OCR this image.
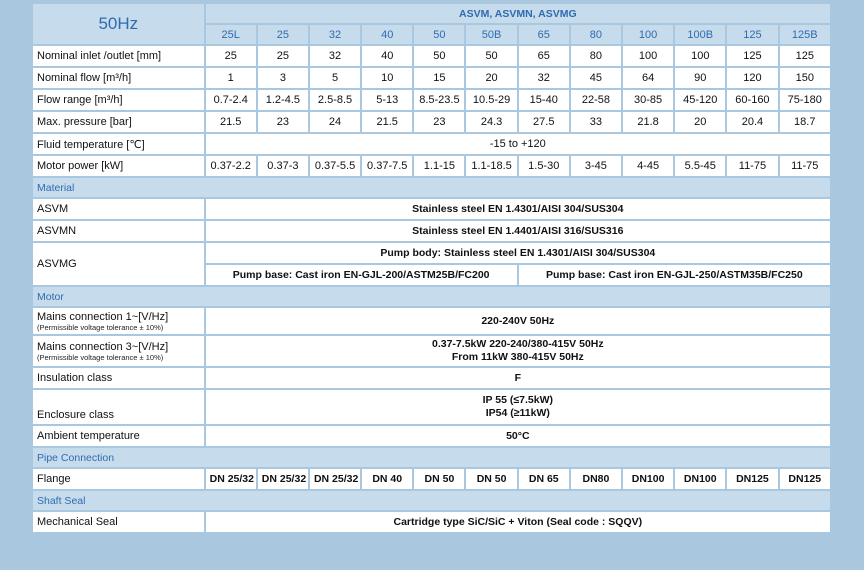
50Hz	ASVM, ASVMN, ASVMG											
	25L	25	32	40	50	50B	65	80	100	100B	125	125B
Nominal inlet /outlet [mm]	25	25	32	40	50	50	65	80	100	100	125	125
Nominal flow [m³/h]	1	3	5	10	15	20	32	45	64	90	120	150
Flow range [m³/h]	0.7-2.4	1.2-4.5	2.5-8.5	5-13	8.5-23.5	10.5-29	15-40	22-58	30-85	45-120	60-160	75-180
Max. pressure [bar]	21.5	23	24	21.5	23	24.3	27.5	33	21.8	20	20.4	18.7
Fluid temperature [℃]	-15 to +120											
Motor power [kW]	0.37-2.2	0.37-3	0.37-5.5	0.37-7.5	1.1-15	1.1-18.5	1.5-30	3-45	4-45	5.5-45	11-75	11-75
Material												
ASVM	Stainless steel EN 1.4301/AISI 304/SUS304											
ASVMN	Stainless steel EN 1.4401/AISI 316/SUS316											
ASVMG	Pump body: Stainless steel EN 1.4301/AISI 304/SUS304											
	Pump base: Cast iron EN-GJL-200/ASTM25B/FC200						Pump base: Cast iron EN-GJL-250/ASTM35B/FC250					
Motor												

Mains connection 1~[V/Hz]
(Permissible voltage tolerance ± 10%)	220-240V 50Hz											

Mains connection 3~[V/Hz]
(Permissible voltage tolerance ± 10%)	0.37-7.5kW 220-240/380-415V 50Hz
From 11kW 380-415V 50Hz											

Insulation class	F											
Enclosure class	IP 55 (≤7.5kW)
IP54 (≥11kW)											

Ambient temperature	50°C											
Pipe Connection												
Flange	DN 25/32	DN 25/32	DN 25/32	DN 40	DN 50	DN 50	DN 65	DN80	DN100	DN100	DN125	DN125
Shaft Seal												
Mechanical Seal	Cartridge type SiC/SiC + Viton (Seal code : SQQV)											
